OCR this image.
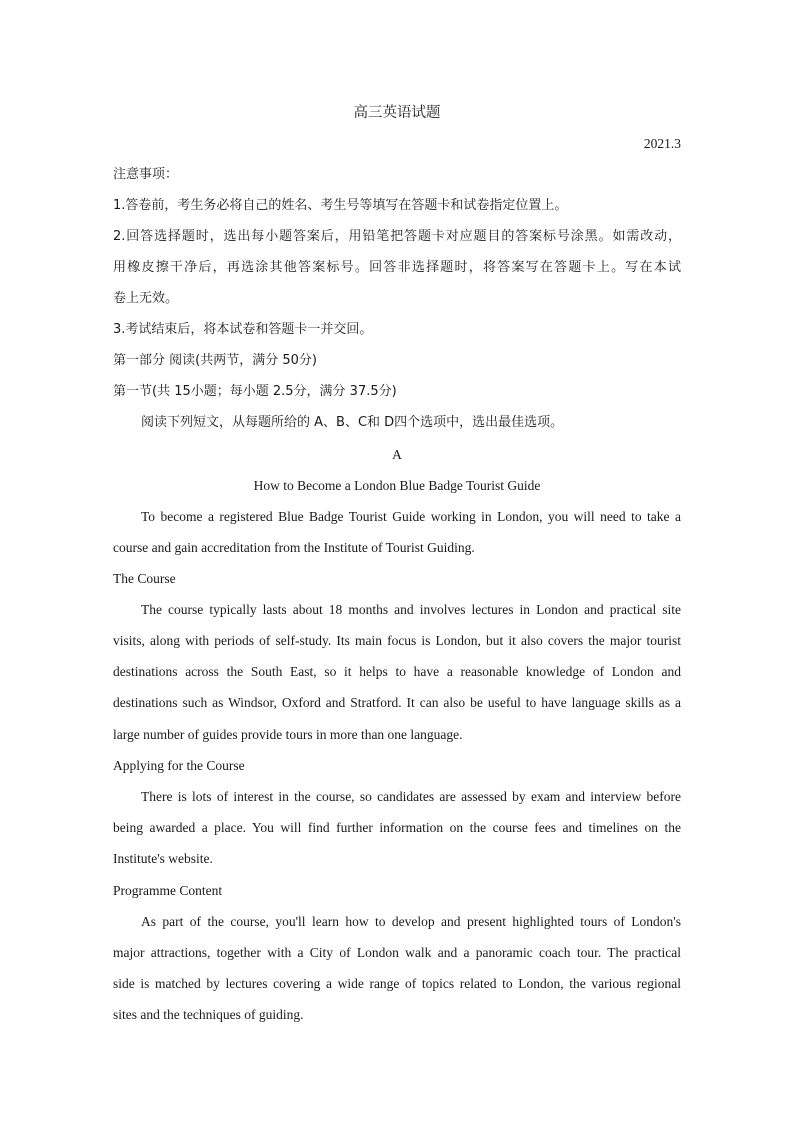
高三英语试题
2021.3
注意事项：
1.答卷前，考生务必将自己的姓名、考生号等填写在答题卡和试卷指定位置上。
2.回答选择题时，选出每小题答案后，用铅笔把答题卡对应题目的答案标号涂黑。如需改动，
用橡皮擦干净后，再选涂其他答案标号。回答非选择题时，将答案写在答题卡上。写在本试
卷上无效。
3.考试结束后，将本试卷和答题卡一并交回。
第一部分 阅读(共两节，满分 50分)
第一节(共 15小题；每小题 2.5分，满分 37.5分)
阅读下列短文，从每题所给的 A、B、C和 D四个选项中，选出最佳选项。
A
How to Become a London Blue Badge Tourist Guide
To become a registered Blue Badge Tourist Guide working in London, you will need to take a
course and gain accreditation from the Institute of Tourist Guiding.
The Course
The course typically lasts about 18 months and involves lectures in London and practical site
visits, along with periods of self-study. Its main focus is London, but it also covers the major tourist
destinations across the South East, so it helps to have a reasonable knowledge of London and
destinations such as Windsor, Oxford and Stratford. It can also be useful to have language skills as a
large number of guides provide tours in more than one language.
Applying for the Course
There is lots of interest in the course, so candidates are assessed by exam and interview before
being awarded a place. You will find further information on the course fees and timelines on the
Institute's website.
Programme Content
As part of the course, you'll learn how to develop and present highlighted tours of London's
major attractions, together with a City of London walk and a panoramic coach tour. The practical
side is matched by lectures covering a wide range of topics related to London, the various regional
sites and the techniques of guiding.
